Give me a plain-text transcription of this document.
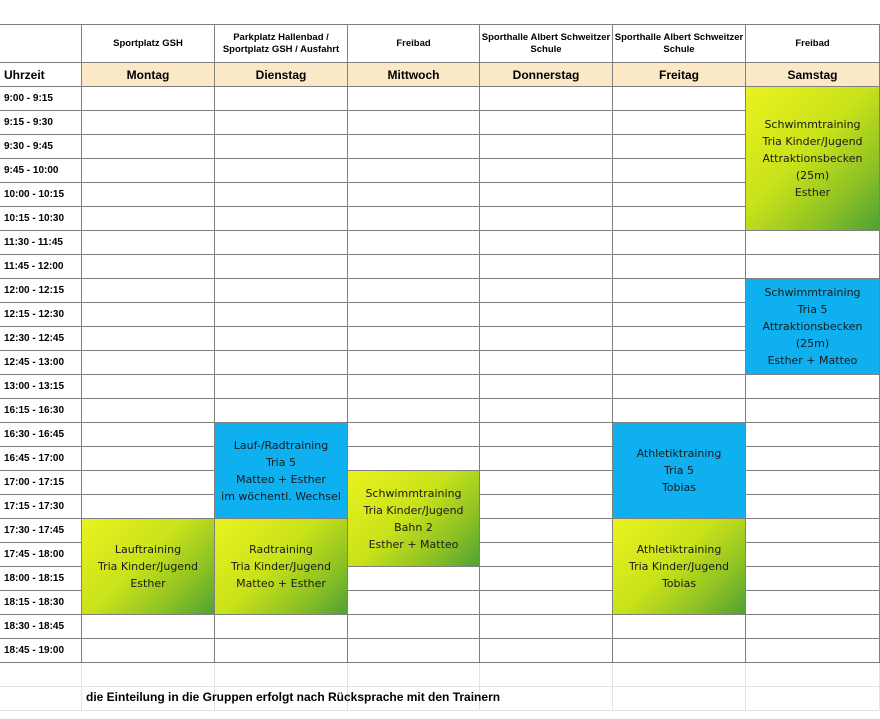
Sportplatz GSH
Montag
Parkplatz Hallenbad / Sportplatz GSH / Ausfahrt
Dienstag
Freibad
Mittwoch
Sporthalle Albert Schweitzer Schule
Donnerstag
Sporthalle Albert Schweitzer Schule
Freitag
Freibad
Samstag
Uhrzeit
9:00 - 9:15
9:15 - 9:30
9:30 - 9:45
9:45 - 10:00
10:00 - 10:15
10:15 - 10:30
11:30 - 11:45
11:45 - 12:00
12:00 - 12:15
12:15 - 12:30
12:30 - 12:45
12:45 - 13:00
13:00 - 13:15
16:15 - 16:30
16:30 - 16:45
16:45 - 17:00
17:00 - 17:15
17:15 - 17:30
17:30 - 17:45
17:45 - 18:00
18:00 - 18:15
18:15 - 18:30
18:30 - 18:45
18:45 - 19:00
Schwimmtraining
Tria Kinder/Jugend
Attraktionsbecken
(25m)
Esther
Schwimmtraining
Tria 5
Attraktionsbecken (25m)
Esther + Matteo
Lauf-/Radtraining
Tria 5
Matteo + Esther
im wöchentl. Wechsel
Athletiktraining
Tria 5
Tobias
Schwimmtraining
Tria Kinder/Jugend
Bahn 2
Esther + Matteo
Lauftraining
Tria Kinder/Jugend
Esther
Radtraining
Tria Kinder/Jugend
Matteo + Esther
Athletiktraining
Tria Kinder/Jugend
Tobias
die Einteilung in die Gruppen erfolgt nach Rücksprache mit den Trainern
